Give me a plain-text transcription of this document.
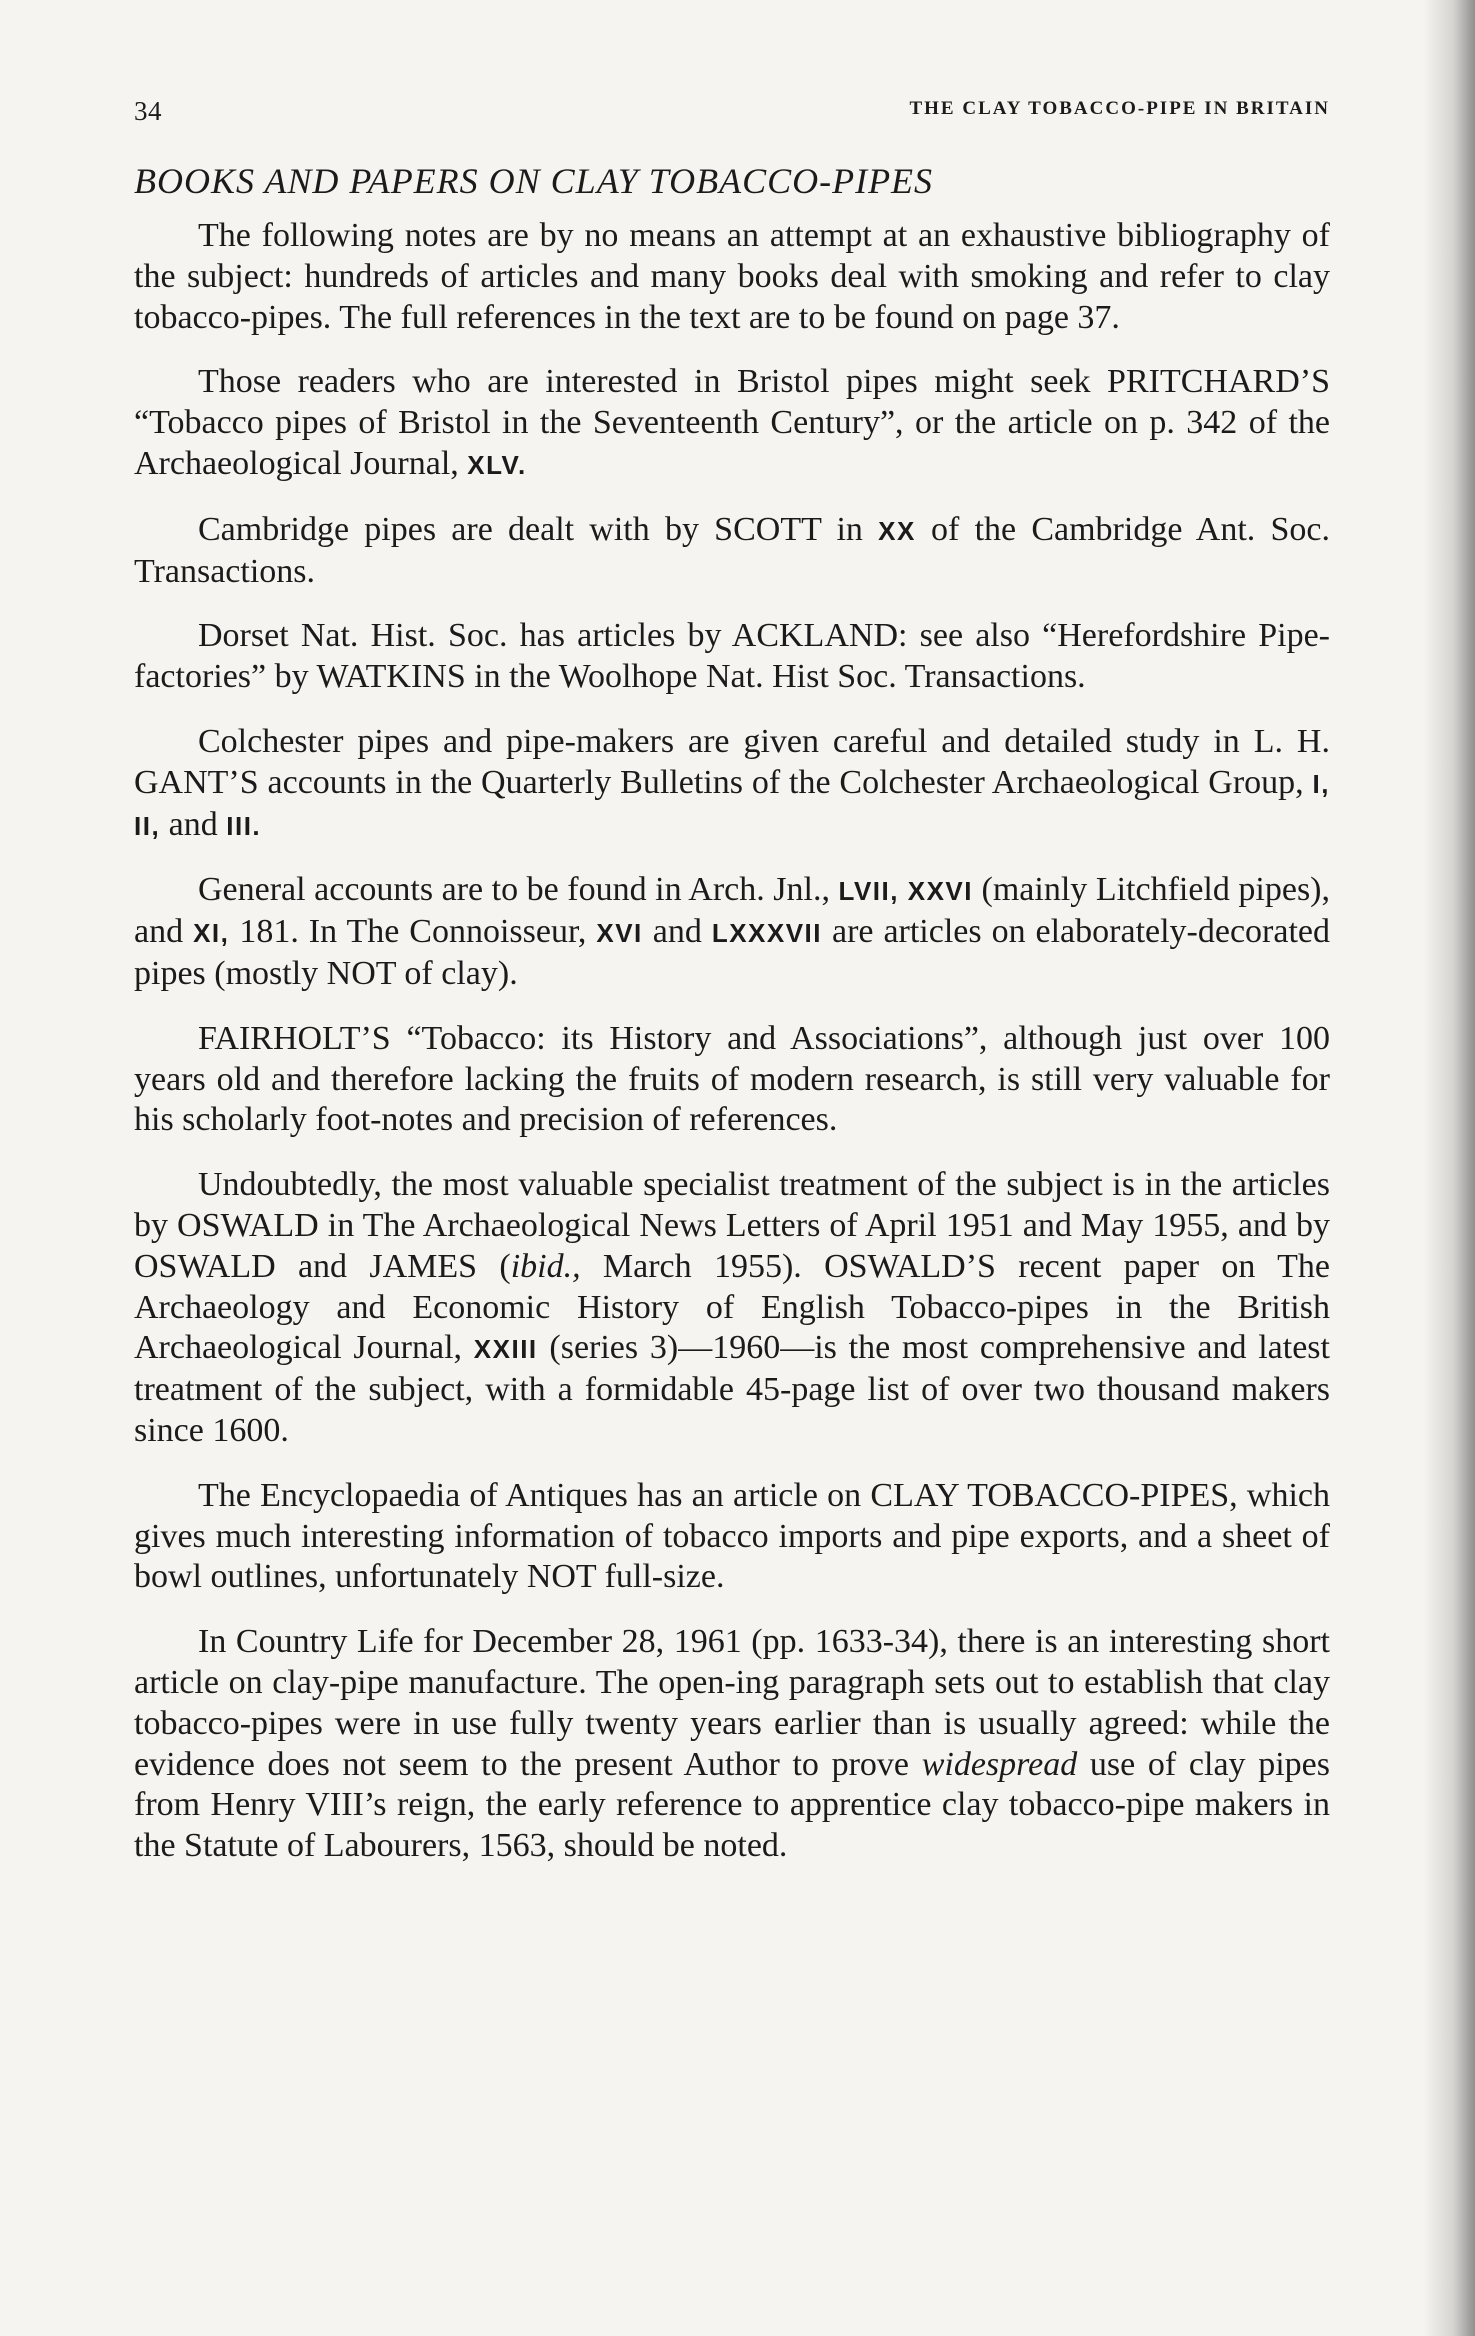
34	THE CLAY TOBACCO-PIPE IN BRITAIN
BOOKS AND PAPERS ON CLAY TOBACCO-PIPES

The following notes are by no means an attempt at an exhaustive bibliography of the subject: hundreds of articles and many books deal with smoking and refer to clay tobacco-pipes. The full references in the text are to be found on page 37.

Those readers who are interested in Bristol pipes might seek PRITCHARD’S “Tobacco pipes of Bristol in the Seventeenth Century”, or the article on p. 342 of the Archaeological Journal, XLV.

Cambridge pipes are dealt with by SCOTT in XX of the Cambridge Ant. Soc. Transactions.

Dorset Nat. Hist. Soc. has articles by ACKLAND: see also “Herefordshire Pipe-factories” by WATKINS in the Woolhope Nat. Hist Soc. Transactions.

Colchester pipes and pipe-makers are given careful and detailed study in L. H. GANT’S accounts in the Quarterly Bulletins of the Colchester Archaeological Group, I, II, and III.

General accounts are to be found in Arch. Jnl., LVII, XXVI (mainly Litchfield pipes), and XI, 181. In The Connoisseur, XVI and LXXXVII are articles on elaborately-decorated pipes (mostly NOT of clay).

FAIRHOLT’S “Tobacco: its History and Associations”, although just over 100 years old and therefore lacking the fruits of modern research, is still very valuable for his scholarly foot-notes and precision of references.

Undoubtedly, the most valuable specialist treatment of the subject is in the articles by OSWALD in The Archaeological News Letters of April 1951 and May 1955, and by OSWALD and JAMES (ibid., March 1955). OSWALD’S recent paper on The Archaeology and Economic History of English Tobacco-pipes in the British Archaeological Journal, XXIII (series 3)—1960—is the most comprehensive and latest treatment of the subject, with a formidable 45-page list of over two thousand makers since 1600.

The Encyclopaedia of Antiques has an article on CLAY TOBACCO-PIPES, which gives much interesting information of tobacco imports and pipe exports, and a sheet of bowl outlines, unfortunately NOT full-size.

In Country Life for December 28, 1961 (pp. 1633-34), there is an interesting short article on clay-pipe manufacture. The open-ing paragraph sets out to establish that clay tobacco-pipes were in use fully twenty years earlier than is usually agreed: while the evidence does not seem to the present Author to prove widespread use of clay pipes from Henry VIII’s reign, the early reference to apprentice clay tobacco-pipe makers in the Statute of Labourers, 1563, should be noted.
